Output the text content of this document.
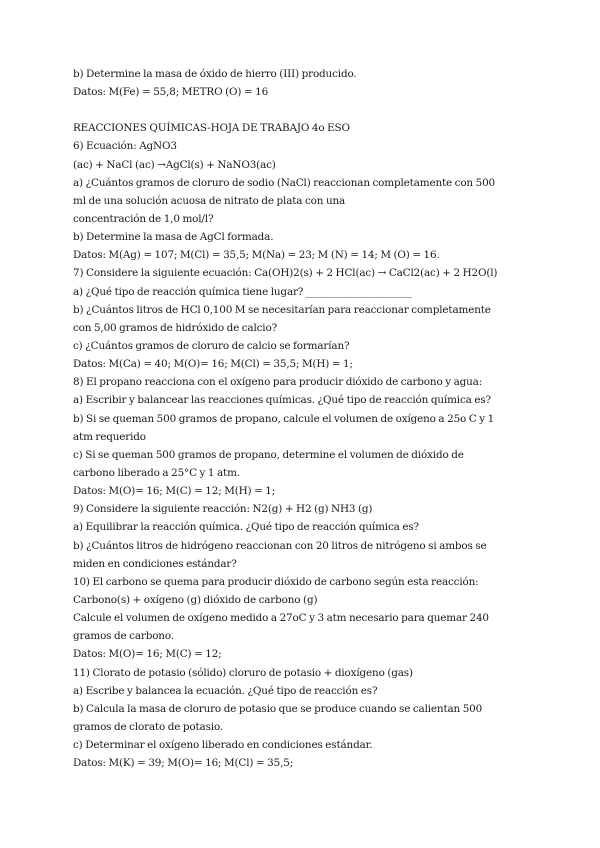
b) Determine la masa de óxido de hierro (III) producido.
Datos: M(Fe) = 55,8; METRO (O) = 16
REACCIONES QUÍMICAS-HOJA DE TRABAJO 4o ESO
6) Ecuación: AgNO3
(ac) + NaCl (ac) →AgCl(s) + NaNO3(ac)
a) ¿Cuántos gramos de cloruro de sodio (NaCl) reaccionan completamente con 500
ml de una solución acuosa de nitrato de plata con una
concentración de 1,0 mol/l?
b) Determine la masa de AgCl formada.
Datos: M(Ag) = 107; M(Cl) = 35,5; M(Na) = 23; M (N) = 14; M (O) = 16.
7) Considere la siguiente ecuación: Ca(OH)2(s) + 2 HCl(ac) → CaCl2(ac) + 2 H2O(l)
a) ¿Qué tipo de reacción química tiene lugar? _____________________
b) ¿Cuántos litros de HCl 0,100 M se necesitarían para reaccionar completamente
con 5,00 gramos de hidróxido de calcio?
c) ¿Cuántos gramos de cloruro de calcio se formarían?
Datos: M(Ca) = 40; M(O)= 16; M(Cl) = 35,5; M(H) = 1;
8) El propano reacciona con el oxígeno para producir dióxido de carbono y agua:
a) Escribir y balancear las reacciones químicas. ¿Qué tipo de reacción química es?
b) Si se queman 500 gramos de propano, calcule el volumen de oxígeno a 25o C y 1
atm requerido
c) Si se queman 500 gramos de propano, determine el volumen de dióxido de
carbono liberado a 25°C y 1 atm.
Datos: M(O)= 16; M(C) = 12; M(H) = 1;
9) Considere la siguiente reacción: N2(g) + H2 (g) NH3 (g)
a) Equilibrar la reacción química. ¿Qué tipo de reacción química es?
b) ¿Cuántos litros de hidrógeno reaccionan con 20 litros de nitrógeno si ambos se
miden en condiciones estándar?
10) El carbono se quema para producir dióxido de carbono según esta reacción:
Carbono(s) + oxígeno (g) dióxido de carbono (g)
Calcule el volumen de oxígeno medido a 27oC y 3 atm necesario para quemar 240
gramos de carbono.
Datos: M(O)= 16; M(C) = 12;
11) Clorato de potasio (sólido) cloruro de potasio + dioxígeno (gas)
a) Escribe y balancea la ecuación. ¿Qué tipo de reacción es?
b) Calcula la masa de cloruro de potasio que se produce cuando se calientan 500
gramos de clorato de potasio.
c) Determinar el oxígeno liberado en condiciones estándar.
Datos: M(K) = 39; M(O)= 16; M(Cl) = 35,5;
